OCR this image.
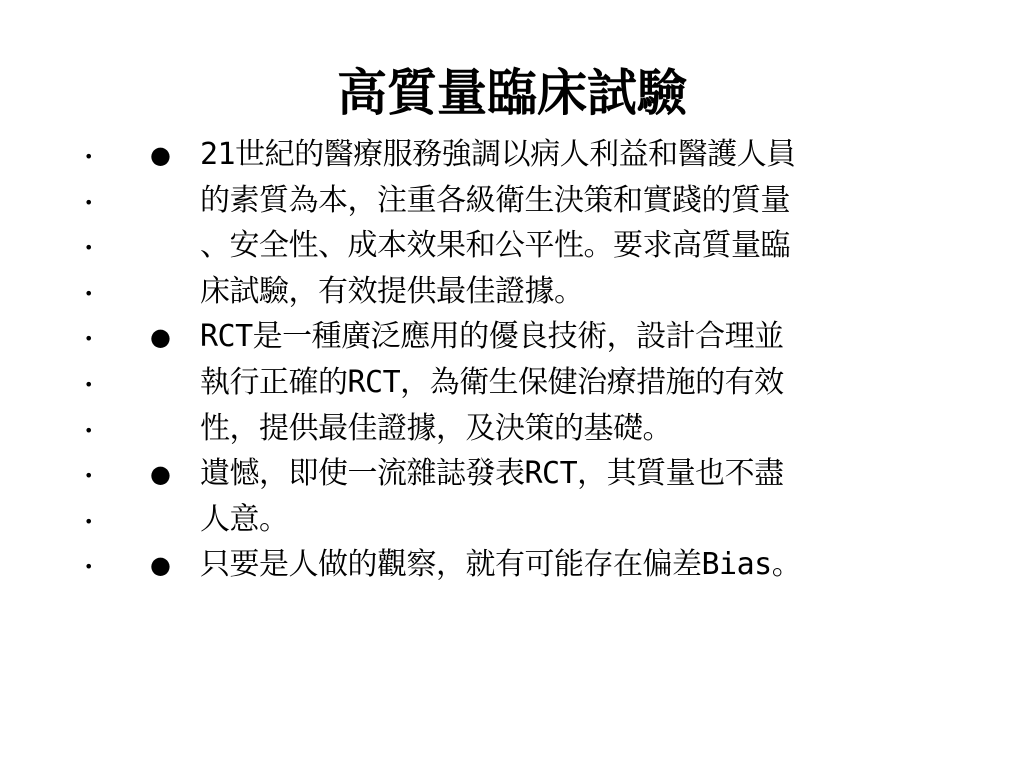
高質量臨床試驗
• ● 21世紀的醫療服務強調以病人利益和醫護人員
•	的素質為本，注重各級衛生決策和實踐的質量
•	、安全性、成本效果和公平性。要求高質量臨
•	床試驗，有效提供最佳證據。
• ● RCT是一種廣泛應用的優良技術，設計合理並
•	執行正確的RCT，為衛生保健治療措施的有效
•	性，提供最佳證據，及決策的基礎。
• ● 遺憾，即使一流雜誌發表RCT，其質量也不盡
•	人意。
• ● 只要是人做的觀察，就有可能存在偏差Bias。
